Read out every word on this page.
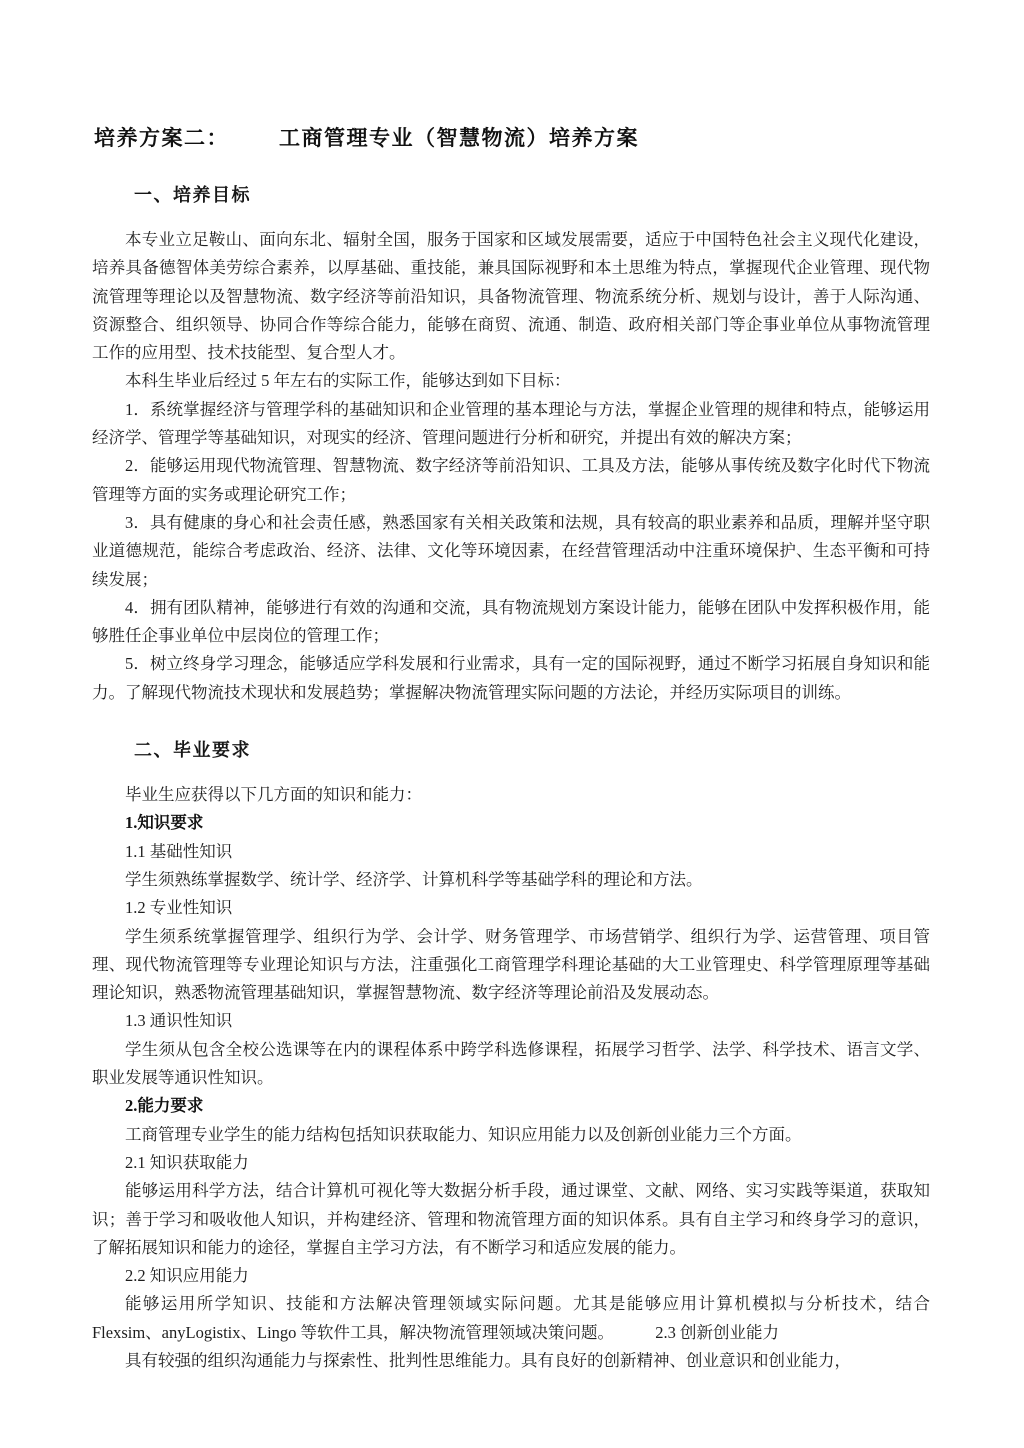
培养方案二： 工商管理专业（智慧物流）培养方案
一、培养目标

本专业立足鞍山、面向东北、辐射全国，服务于国家和区域发展需要，适应于中国特色社会主义现代化建设，培养具备德智体美劳综合素养，以厚基础、重技能，兼具国际视野和本土思维为特点，掌握现代企业管理、现代物流管理等理论以及智慧物流、数字经济等前沿知识，具备物流管理、物流系统分析、规划与设计，善于人际沟通、资源整合、组织领导、协同合作等综合能力，能够在商贸、流通、制造、政府相关部门等企事业单位从事物流管理工作的应用型、技术技能型、复合型人才。

本科生毕业后经过 5 年左右的实际工作，能够达到如下目标：

1．系统掌握经济与管理学科的基础知识和企业管理的基本理论与方法，掌握企业管理的规律和特点，能够运用经济学、管理学等基础知识，对现实的经济、管理问题进行分析和研究，并提出有效的解决方案；

2．能够运用现代物流管理、智慧物流、数字经济等前沿知识、工具及方法，能够从事传统及数字化时代下物流管理等方面的实务或理论研究工作；

3．具有健康的身心和社会责任感，熟悉国家有关相关政策和法规，具有较高的职业素养和品质，理解并坚守职业道德规范，能综合考虑政治、经济、法律、文化等环境因素，在经营管理活动中注重环境保护、生态平衡和可持续发展；

4．拥有团队精神，能够进行有效的沟通和交流，具有物流规划方案设计能力，能够在团队中发挥积极作用，能够胜任企事业单位中层岗位的管理工作；

5．树立终身学习理念，能够适应学科发展和行业需求，具有一定的国际视野，通过不断学习拓展自身知识和能力。了解现代物流技术现状和发展趋势；掌握解决物流管理实际问题的方法论，并经历实际项目的训练。

二、毕业要求

毕业生应获得以下几方面的知识和能力：

1.知识要求

1.1 基础性知识

学生须熟练掌握数学、统计学、经济学、计算机科学等基础学科的理论和方法。

1.2 专业性知识

学生须系统掌握管理学、组织行为学、会计学、财务管理学、市场营销学、组织行为学、运营管理、项目管理、现代物流管理等专业理论知识与方法，注重强化工商管理学科理论基础的大工业管理史、科学管理原理等基础理论知识，熟悉物流管理基础知识，掌握智慧物流、数字经济等理论前沿及发展动态。

1.3 通识性知识

学生须从包含全校公选课等在内的课程体系中跨学科选修课程，拓展学习哲学、法学、科学技术、语言文学、职业发展等通识性知识。

2.能力要求

工商管理专业学生的能力结构包括知识获取能力、知识应用能力以及创新创业能力三个方面。

2.1 知识获取能力

能够运用科学方法，结合计算机可视化等大数据分析手段，通过课堂、文献、网络、实习实践等渠道，获取知识；善于学习和吸收他人知识，并构建经济、管理和物流管理方面的知识体系。具有自主学习和终身学习的意识，了解拓展知识和能力的途径，掌握自主学习方法，有不断学习和适应发展的能力。

2.2 知识应用能力

能够运用所学知识、技能和方法解决管理领域实际问题。尤其是能够应用计算机模拟与分析技术，结合 Flexsim、anyLogistix、Lingo 等软件工具，解决物流管理领域决策问题。　　　2.3 创新创业能力

具有较强的组织沟通能力与探索性、批判性思维能力。具有良好的创新精神、创业意识和创业能力，
